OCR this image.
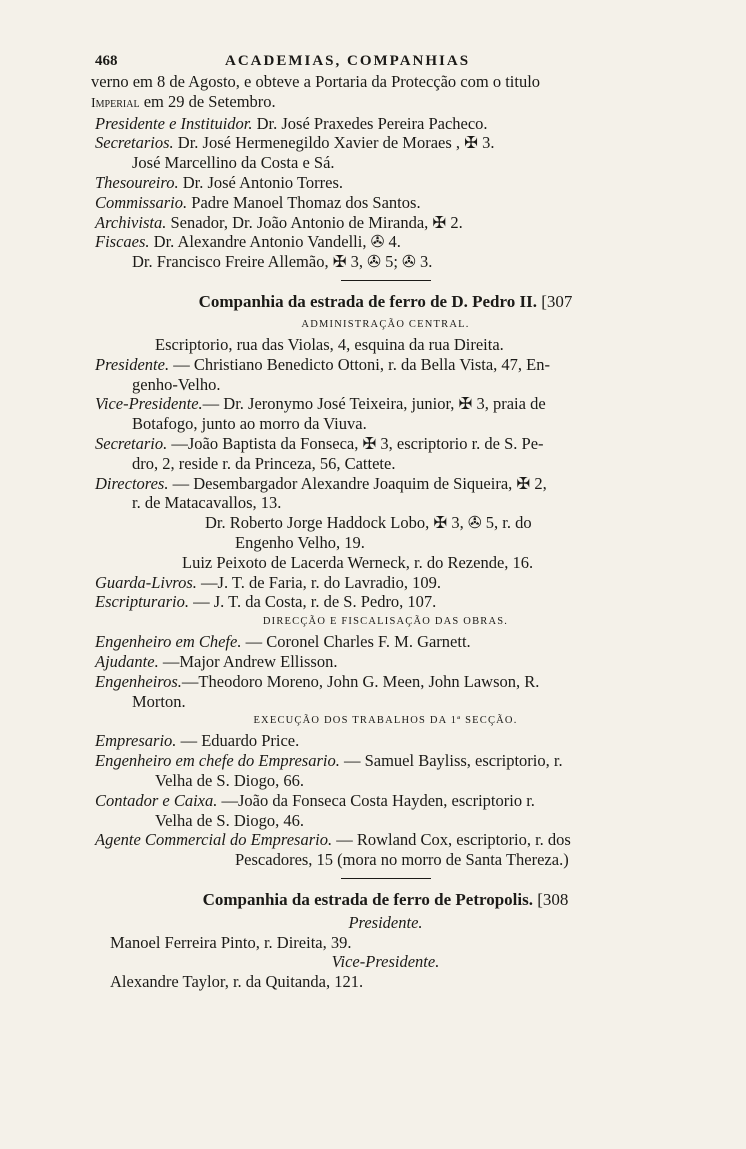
468	ACADEMIAS, COMPANHIAS
verno em 8 de Agosto, e obteve a Portaria da Protecção com o titulo
Imperial em 29 de Setembro.
Presidente e Instituidor. Dr. José Praxedes Pereira Pacheco.
Secretarios. Dr. José Hermenegildo Xavier de Moraes , ✠ 3.
José Marcellino da Costa e Sá.
Thesoureiro. Dr. José Antonio Torres.
Commissario. Padre Manoel Thomaz dos Santos.
Archivista. Senador, Dr. João Antonio de Miranda, ✠ 2.
Fiscaes. Dr. Alexandre Antonio Vandelli, ✇ 4.
Dr. Francisco Freire Allemão, ✠ 3, ✇ 5; ✇ 3.
Companhia da estrada de ferro de D. Pedro II. [307
ADMINISTRAÇÃO CENTRAL.
Escriptorio, rua das Violas, 4, esquina da rua Direita.
Presidente. — Christiano Benedicto Ottoni, r. da Bella Vista, 47, En-
genho-Velho.
Vice-Presidente.— Dr. Jeronymo José Teixeira, junior, ✠ 3, praia de
Botafogo, junto ao morro da Viuva.
Secretario. —João Baptista da Fonseca, ✠ 3, escriptorio r. de S. Pe-
dro, 2, reside r. da Princeza, 56, Cattete.
Directores. — Desembargador Alexandre Joaquim de Siqueira, ✠ 2,
r. de Matacavallos, 13.
Dr. Roberto Jorge Haddock Lobo, ✠ 3, ✇ 5, r. do
Engenho Velho, 19.
Luiz Peixoto de Lacerda Werneck, r. do Rezende, 16.
Guarda-Livros. —J. T. de Faria, r. do Lavradio, 109.
Escripturario. — J. T. da Costa, r. de S. Pedro, 107.
DIRECÇÃO E FISCALISAÇÃO DAS OBRAS.
Engenheiro em Chefe. — Coronel Charles F. M. Garnett.
Ajudante. —Major Andrew Ellisson.
Engenheiros.—Theodoro Moreno, John G. Meen, John Lawson, R.
Morton.
EXECUÇÃO DOS TRABALHOS DA 1ª SECÇÃO.
Empresario. — Eduardo Price.
Engenheiro em chefe do Empresario. — Samuel Bayliss, escriptorio, r.
Velha de S. Diogo, 66.
Contador e Caixa. —João da Fonseca Costa Hayden, escriptorio r.
Velha de S. Diogo, 46.
Agente Commercial do Empresario. — Rowland Cox, escriptorio, r. dos
Pescadores, 15 (mora no morro de Santa Thereza.)
Companhia da estrada de ferro de Petropolis. [308
Presidente.
Manoel Ferreira Pinto, r. Direita, 39.
Vice-Presidente.
Alexandre Taylor, r. da Quitanda, 121.
